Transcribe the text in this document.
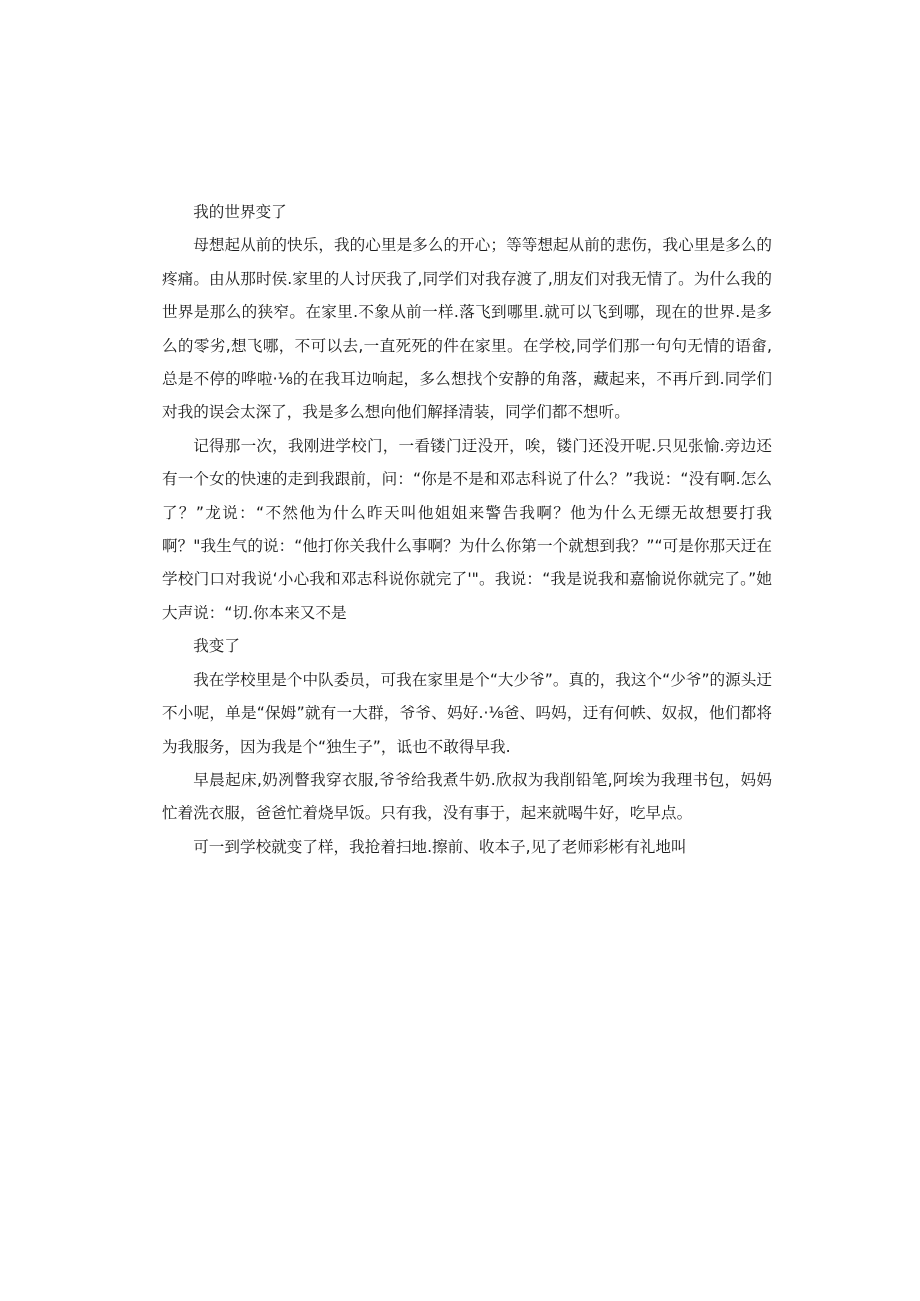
我的世界变了

母想起从前的快乐，我的心里是多么的开心；等等想起从前的悲伤，我心里是多么的疼痛。由从那时侯.家里的人讨厌我了,同学们对我存渡了,朋友们对我无情了。为什么我的世界是那么的狭窄。在家里.不象从前一样.落飞到哪里.就可以飞到哪，现在的世界.是多么的零劣,想飞哪，不可以去,一直死死的件在家里。在学校,同学们那一句句无情的语畲,总是不停的哗啦·⅛的在我耳边响起，多么想找个安静的角落，藏起来，不再斤到.同学们对我的误会太深了，我是多么想向他们解择清装，同学们都不想听。

记得那一次，我刚进学校门，一看镂门迂没开，唉，镂门还没开呢.只见张愉.旁边还有一个女的快速的走到我跟前，问：“你是不是和邓志科说了什么？”我说：“没有啊.怎么了？”龙说：“不然他为什么昨天叫他姐姐来警告我啊？他为什么无缥无故想要打我啊？"我生气的说：“他打你关我什么事啊？为什么你第一个就想到我？”“可是你那天迂在学校门口对我说‘小心我和邓志科说你就完了'"。我说：“我是说我和嘉愉说你就完了。”她大声说：“切.你本来又不是

我变了

我在学校里是个中队委员，可我在家里是个“大少爷”。真的，我这个“少爷”的源头迂不小呢，单是“保姆”就有一大群，爷爷、妈好.·⅛爸、吗妈，迂有何帙、奴叔，他们都将为我服务，因为我是个“独生子”，诋也不敢得早我.

早晨起床,奶冽瞥我穿衣服,爷爷给我煮牛奶.欣叔为我削铅笔,阿埃为我理书包，妈妈忙着洗衣服，爸爸忙着烧早饭。只有我，没有事于，起来就喝牛好，吃早点。

可一到学校就变了样，我抢着扫地.擦前、收本子,见了老师彩彬有礼地叫
